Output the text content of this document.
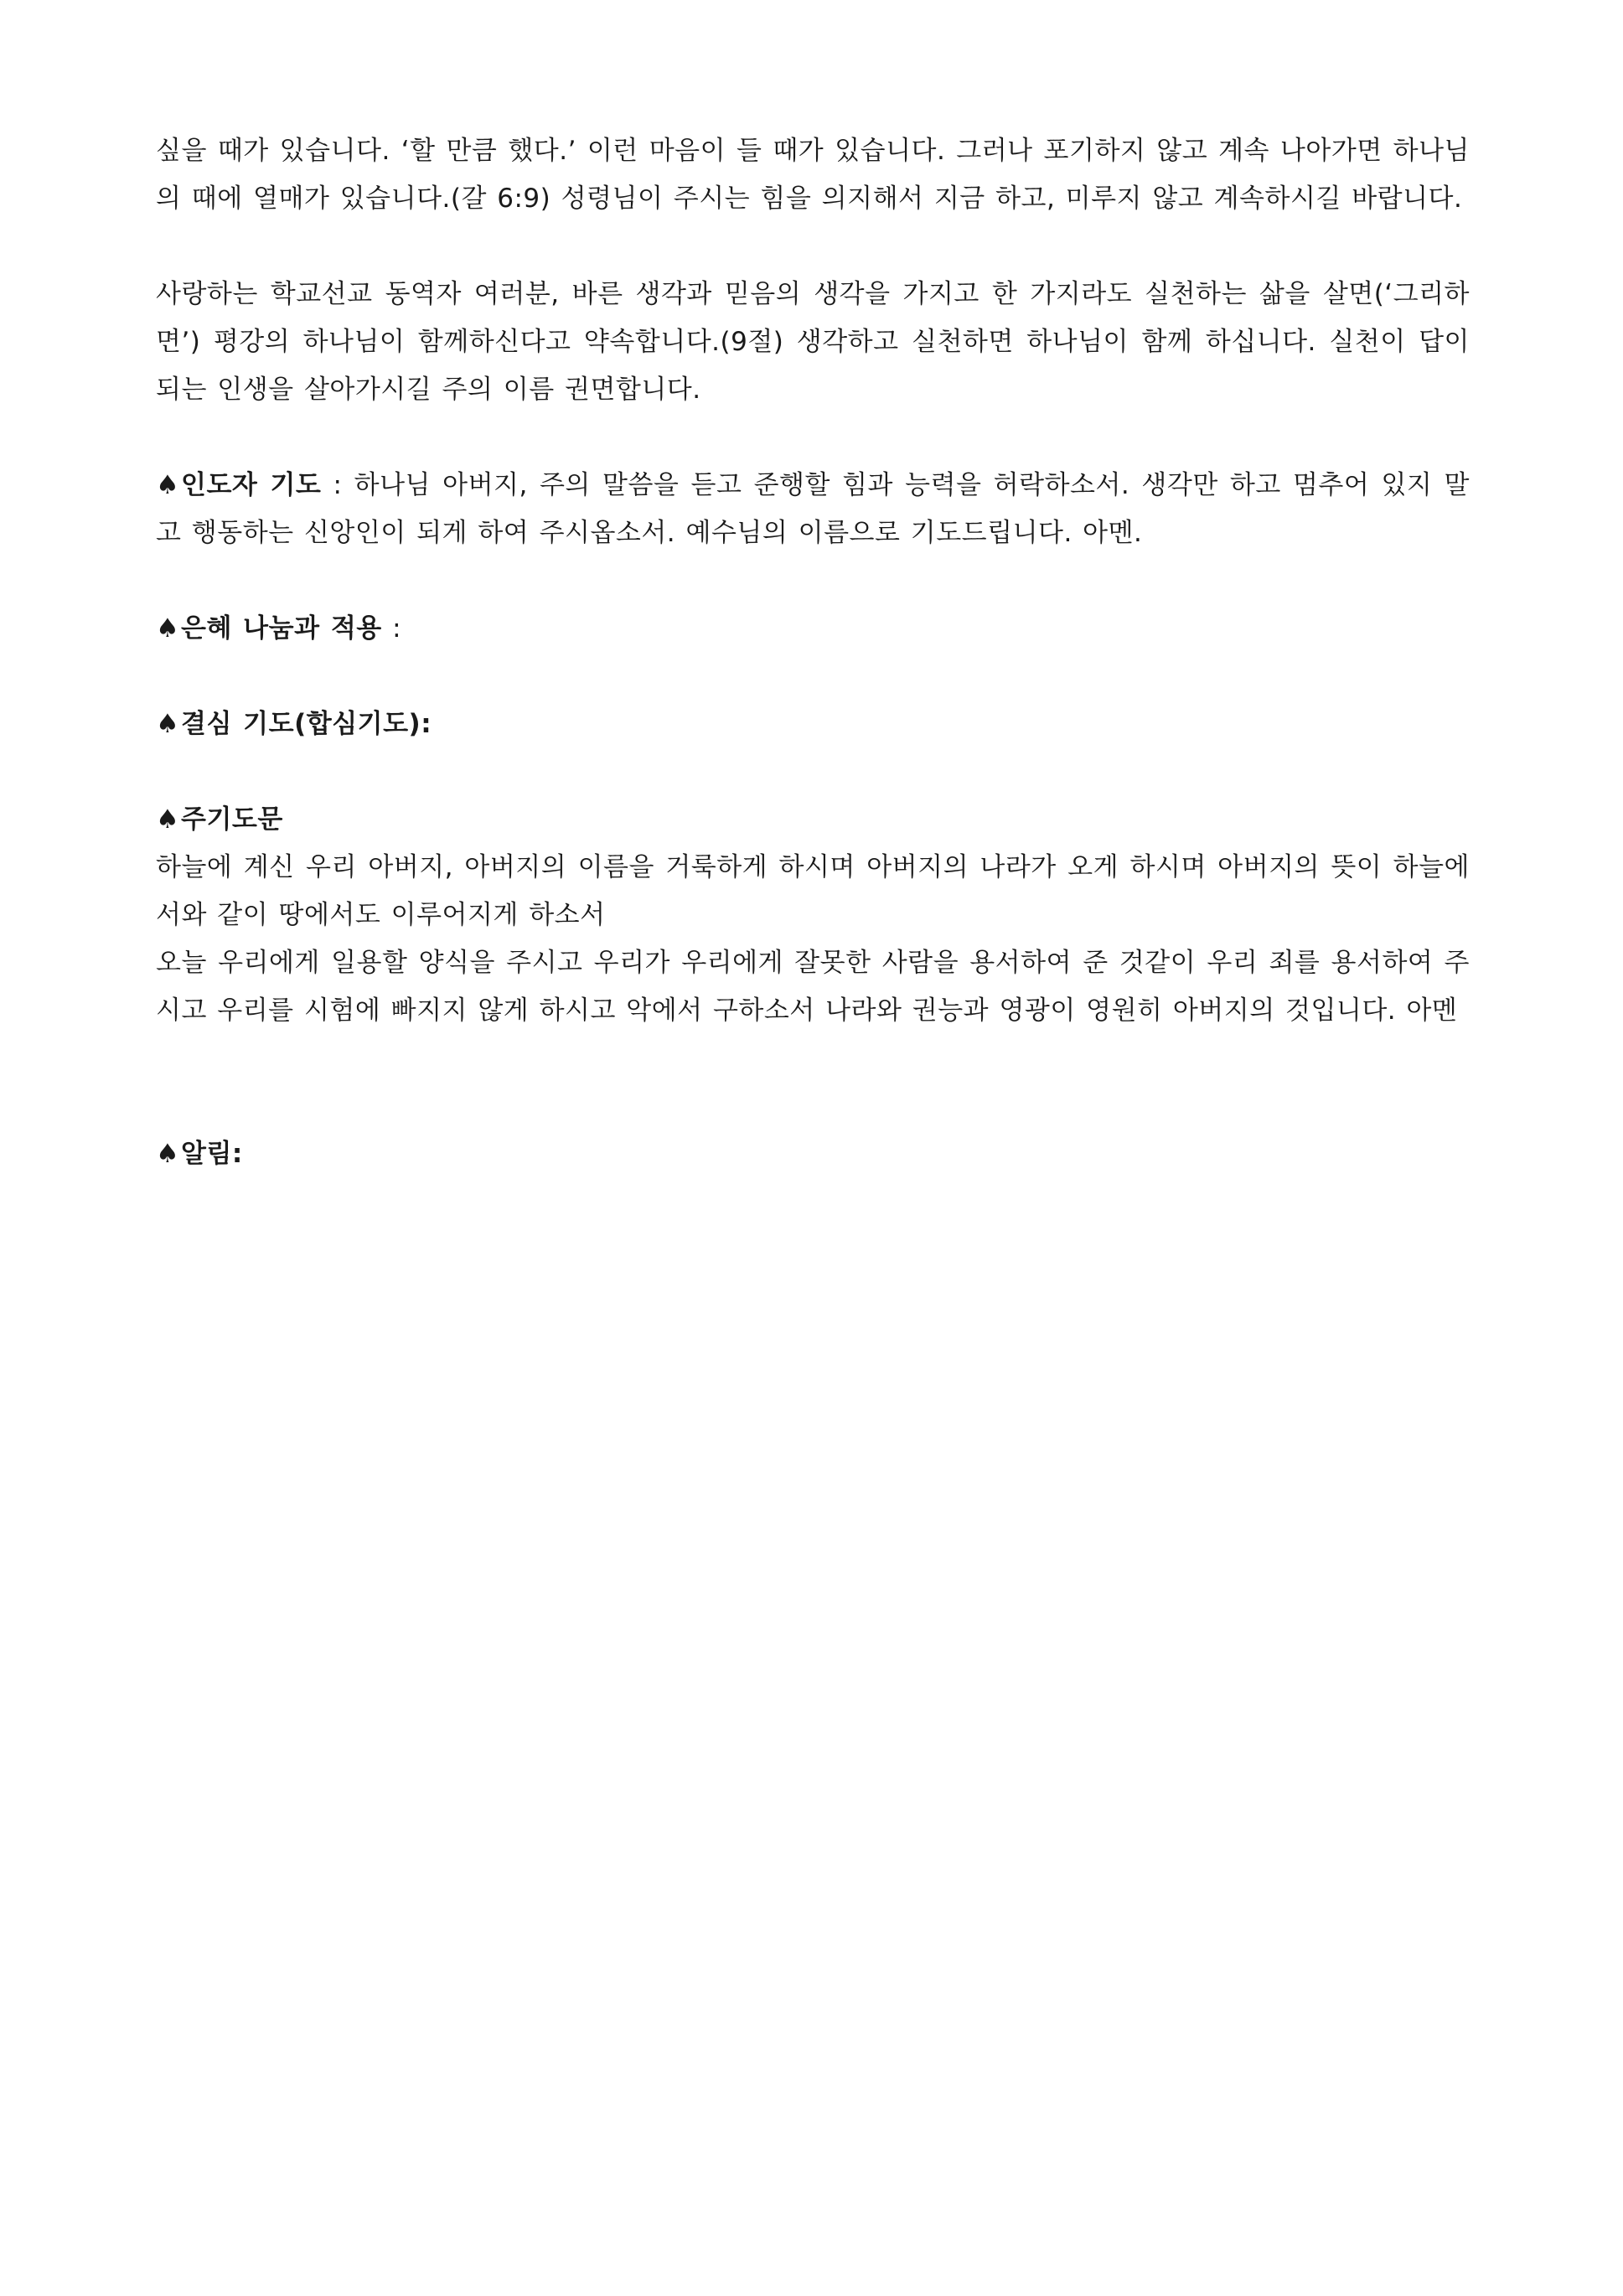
싶을 때가 있습니다. ‘할 만큼 했다.’ 이런 마음이 들 때가 있습니다. 그러나 포기하지 않고 계속 나아가면 하나님의 때에 열매가 있습니다.(갈 6:9) 성령님이 주시는 힘을 의지해서 지금 하고, 미루지 않고 계속하시길 바랍니다.

사랑하는 학교선교 동역자 여러분, 바른 생각과 믿음의 생각을 가지고 한 가지라도 실천하는 삶을 살면(‘그리하면’) 평강의 하나님이 함께하신다고 약속합니다.(9절) 생각하고 실천하면 하나님이 함께 하십니다. 실천이 답이 되는 인생을 살아가시길 주의 이름 권면합니다.

♠인도자 기도 : 하나님 아버지, 주의 말씀을 듣고 준행할 힘과 능력을 허락하소서. 생각만 하고 멈추어 있지 말고 행동하는 신앙인이 되게 하여 주시옵소서. 예수님의 이름으로 기도드립니다. 아멘.

♠은혜 나눔과 적용 :

♠결심 기도(합심기도):

♠주기도문

하늘에 계신 우리 아버지, 아버지의 이름을 거룩하게 하시며 아버지의 나라가 오게 하시며 아버지의 뜻이 하늘에서와 같이 땅에서도 이루어지게 하소서

오늘 우리에게 일용할 양식을 주시고 우리가 우리에게 잘못한 사람을 용서하여 준 것같이 우리 죄를 용서하여 주시고 우리를 시험에 빠지지 않게 하시고 악에서 구하소서 나라와 권능과 영광이 영원히 아버지의 것입니다. 아멘

♠알림:
